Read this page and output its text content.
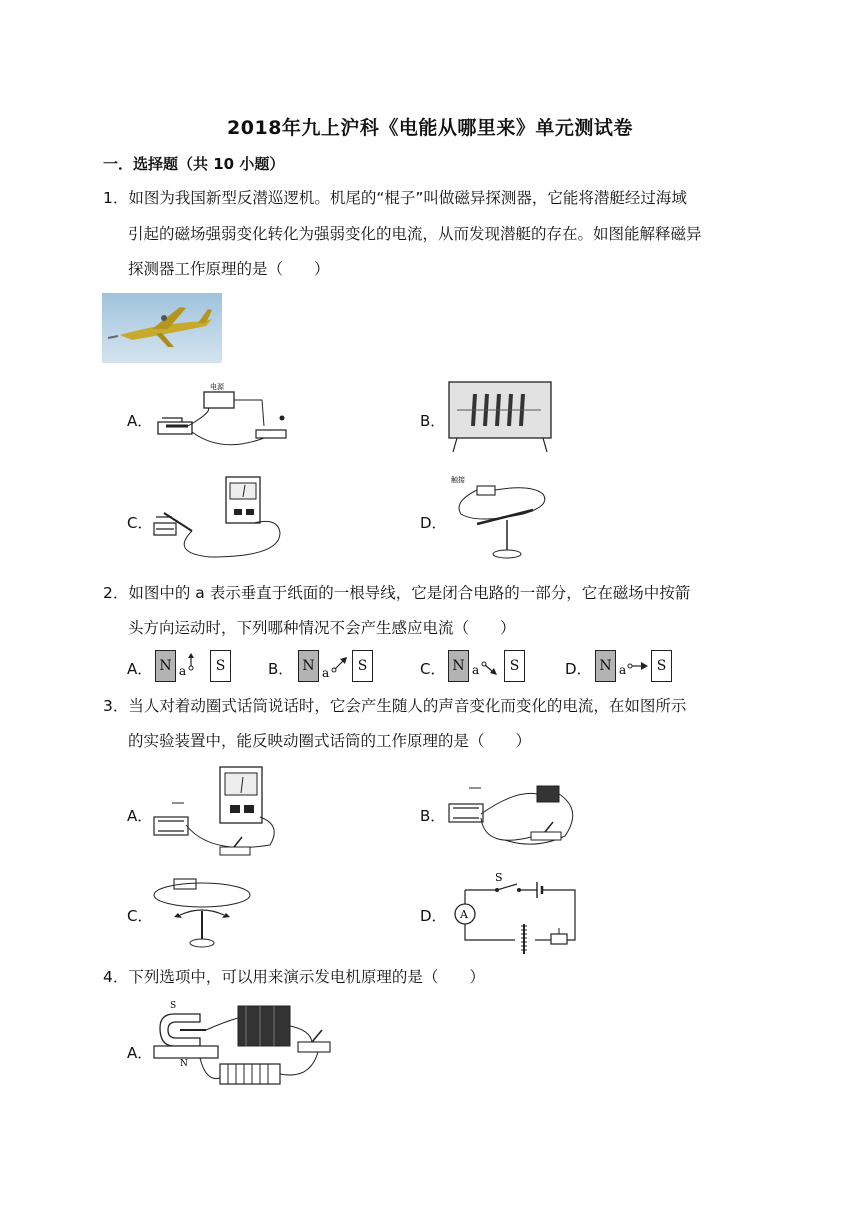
2018年九上沪科《电能从哪里来》单元测试卷
一．选择题（共 10 小题）
1．如图为我国新型反潜巡逻机。机尾的“棍子”叫做磁异探测器，它能将潜艇经过海域
引起的磁场强弱变化转化为强弱变化的电流，从而发现潜艇的存在。如图能解释磁异
探测器工作原理的是（　　）
A．
电源
B．
C．	D．
触接
2．如图中的 a 表示垂直于纸面的一根导线，它是闭合电路的一部分，它在磁场中按箭
头方向运动时，下列哪种情况不会产生感应电流（　　）
A． N a	S	B． N a	S	C． N a	S	D． N a	S
3．当人对着动圈式话筒说话时，它会产生随人的声音变化而变化的电流，在如图所示
的实验装置中，能反映动圈式话筒的工作原理的是（　　）
A．	B．
C．	D．
S
A
4．下列选项中，可以用来演示发电机原理的是（　　）
A．
S
N
